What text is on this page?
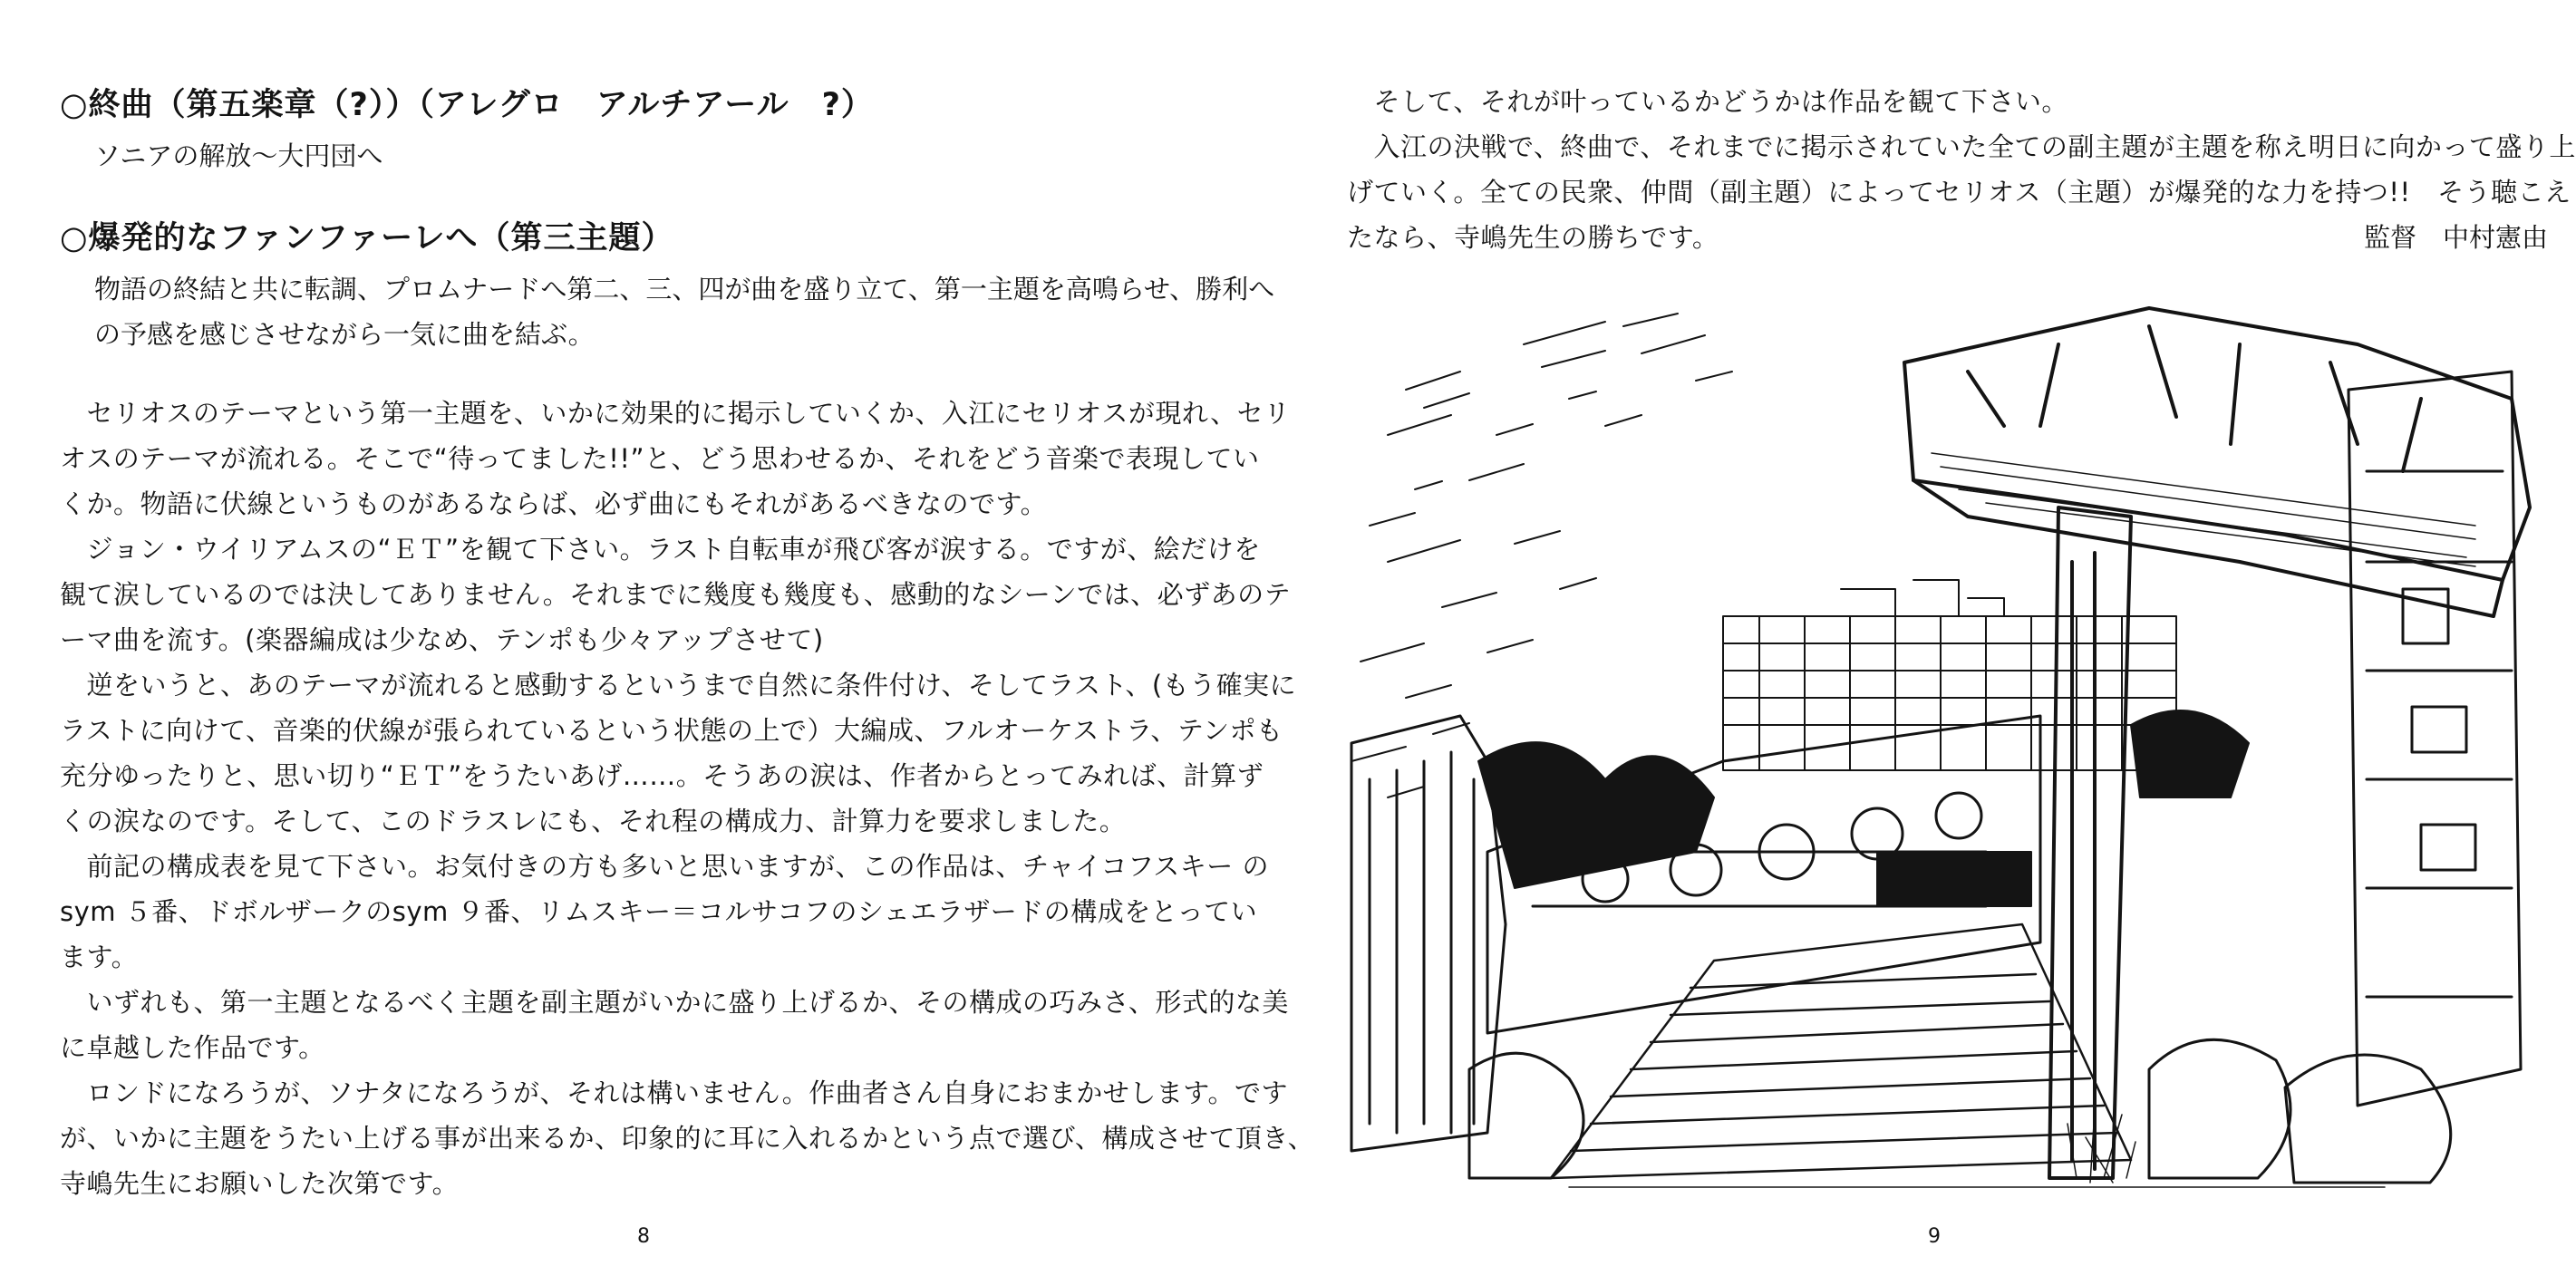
○終曲（第五楽章（?））（アレグロ　アルチアール　?）
ソニアの解放～大円団へ
○爆発的なファンファーレへ（第三主題）
物語の終結と共に転調、プロムナードへ第二、三、四が曲を盛り立て、第一主題を高鳴らせ、勝利へ
の予感を感じさせながら一気に曲を結ぶ。
　セリオスのテーマという第一主題を、いかに効果的に掲示していくか、入江にセリオスが現れ、セリ
オスのテーマが流れる。そこで“待ってました!!”と、どう思わせるか、それをどう音楽で表現してい
くか。物語に伏線というものがあるならば、必ず曲にもそれがあるべきなのです。
　ジョン・ウイリアムスの“ＥＴ”を観て下さい。ラスト自転車が飛び客が涙する。ですが、絵だけを
観て涙しているのでは決してありません。それまでに幾度も幾度も、感動的なシーンでは、必ずあのテ
ーマ曲を流す。(楽器編成は少なめ、テンポも少々アップさせて)
　逆をいうと、あのテーマが流れると感動するというまで自然に条件付け、そしてラスト、(もう確実に
ラストに向けて、音楽的伏線が張られているという状態の上で）大編成、フルオーケストラ、テンポも
充分ゆったりと、思い切り“ＥＴ”をうたいあげ……。そうあの涙は、作者からとってみれば、計算ず
くの涙なのです。そして、このドラスレにも、それ程の構成力、計算力を要求しました。
　前記の構成表を見て下さい。お気付きの方も多いと思いますが、この作品は、チャイコフスキー の
sym ５番、ドボルザークのsym ９番、リムスキー＝コルサコフのシェエラザードの構成をとってい
ます。
　いずれも、第一主題となるべく主題を副主題がいかに盛り上げるか、その構成の巧みさ、形式的な美
に卓越した作品です。
　ロンドになろうが、ソナタになろうが、それは構いません。作曲者さん自身におまかせします。です
が、いかに主題をうたい上げる事が出来るか、印象的に耳に入れるかという点で選び、構成させて頂き、
寺嶋先生にお願いした次第です。
8
　そして、それが叶っているかどうかは作品を観て下さい。
　入江の決戦で、終曲で、それまでに掲示されていた全ての副主題が主題を称え明日に向かって盛り上
げていく。全ての民衆、仲間（副主題）によってセリオス（主題）が爆発的な力を持つ!!　そう聴こえ
たなら、寺嶋先生の勝ちです。	監督　中村憲由
9
